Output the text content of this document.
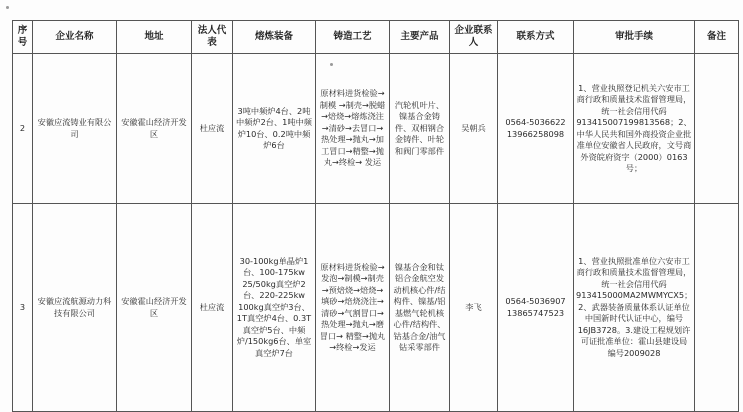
序号	企业名称	地址	法人代表	熔炼装备	铸造工艺	主要产品	企业联系人	联系方式	审批手续	备注
2	安徽应流铸业有限公司	安徽霍山经济开发区	杜应流	3吨中频炉4台、2吨中频炉2台、1吨中频炉10台、0.2吨中频炉6台	原材料进货检验→制模 →制壳→脱蜡→焙烧→熔炼浇注→清砂→去冒口→热处理→抛丸→加工冒口→精整→抛丸→终检→ 发运	汽轮机叶片、镍基合金铸件、双相钢合金铸件、叶轮和阀门零部件	吴朝兵	0564-5036622 13966258098	1、营业执照登记机关六安市工商行政和质量技术监督管理局，统一社会信用代码913415007199813568；2、中华人民共和国外商投资企业批准单位安徽省人民政府，文号商外资皖府资字（2000）0163号；	
3	安徽应流航源动力科技有限公司	安徽霍山经济开发区	杜应流	30-100kg单晶炉1台、100-175kw 25/50kg真空炉2台、220-225kw 100kg真空炉3台、1T真空炉4台、0.3T真空炉5台、中频炉/150kg6台、单室真空炉7台	原材料进货检验→发泡→制模→制壳→预焙烧→焙烧→填砂→焙烧浇注→清砂→气割冒口→热处理→抛丸→磨冒口→ 精整→抛丸→终检→发运	镍基合金和钛铝合金航空发动机核心件/结构件、镍基/铝基燃气轮机核心件/结构件、钴基合金/油气钻采零部件	李飞	0564-5036907 13865747523	1、营业执照批准单位六安市工商行政和质量技术监督管理局，统一社会信用代码913415000MA2MWMYCX5；2、武器装备质量体系认证单位中国新时代认证中心，编号16JB3728。3.建设工程规划许可证批准单位：霍山县建设局 编号2009028	
